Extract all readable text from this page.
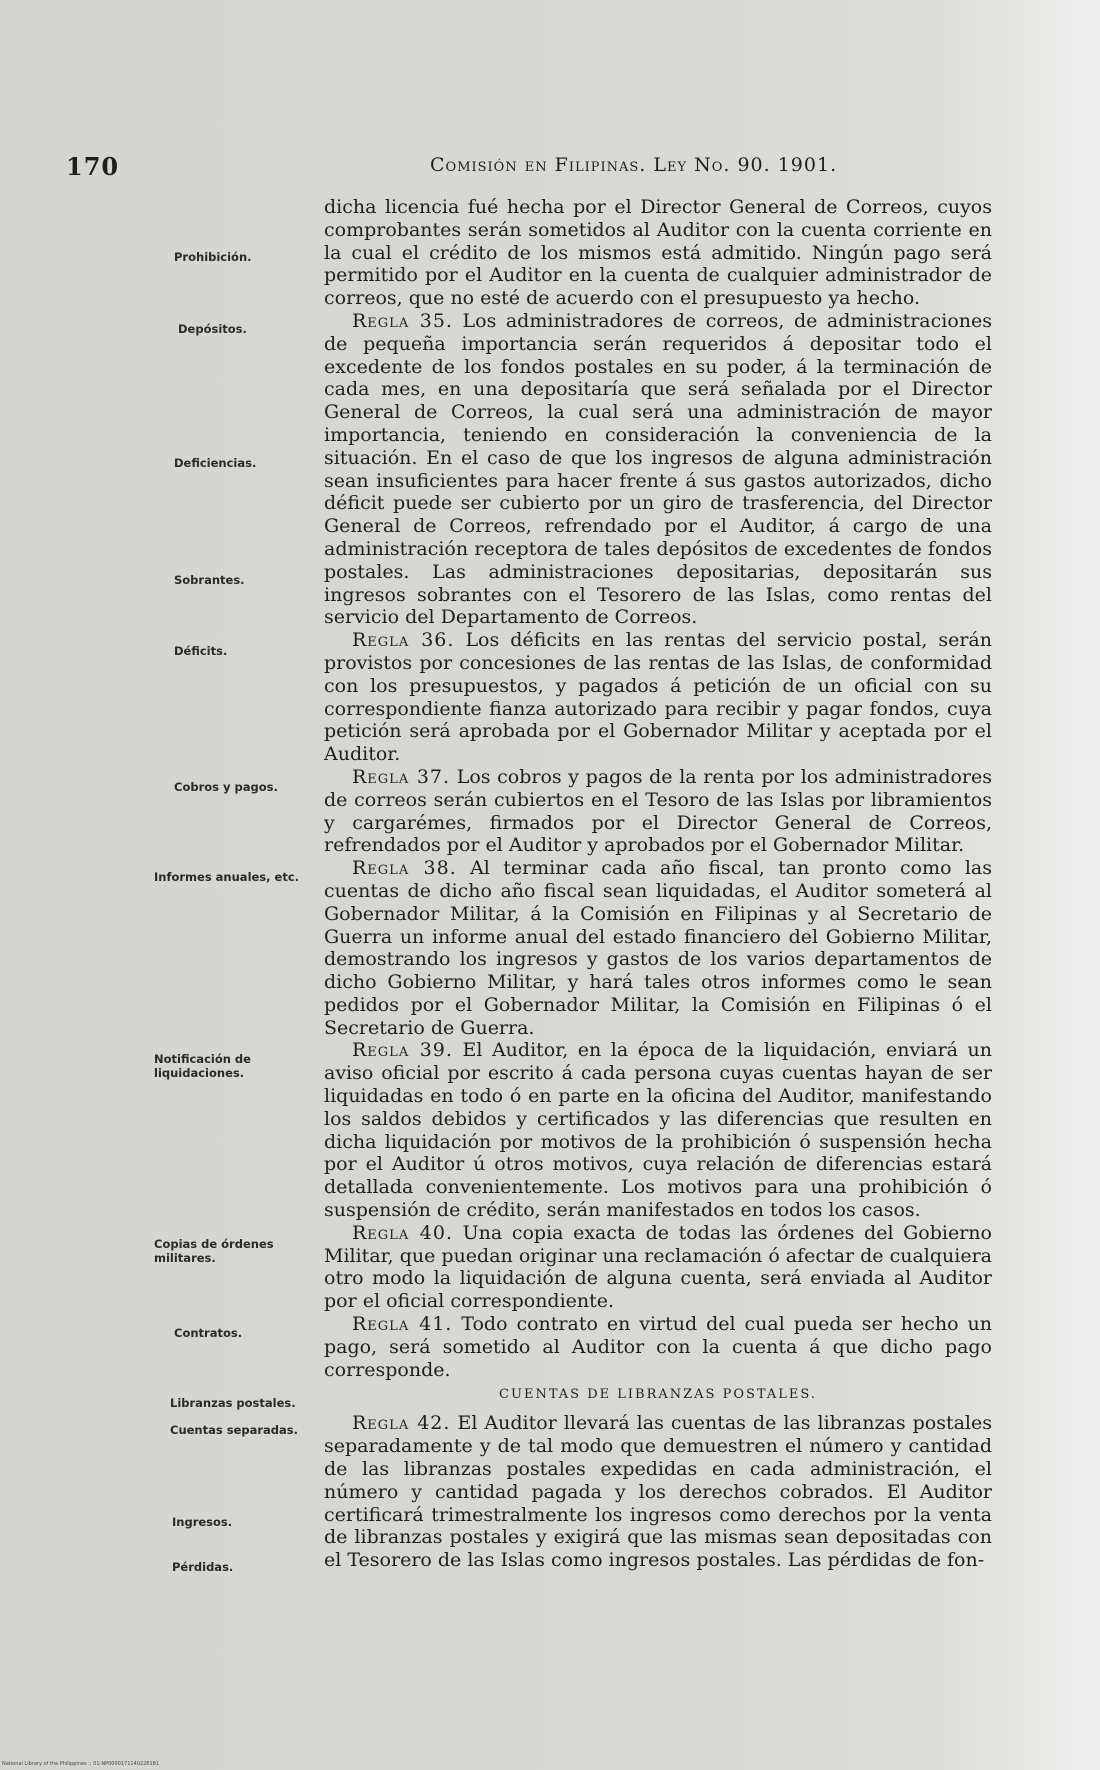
170	Comisión en Filipinas. Ley No. 90. 1901.
Prohibición.
Depósitos.
Deficiencias.
Sobrantes.
Déficits.
Cobros y pagos.
Informes anuales, etc.
Notificación de liquidaciones.
Copias de órdenes militares.
Contratos.
Libranzas postales.
Cuentas separadas.
Ingresos.
Pérdidas.

dicha licencia fué hecha por el Director General de Correos, cuyos comprobantes serán sometidos al Auditor con la cuenta corriente en la cual el crédito de los mismos está admitido. Ningún pago será permitido por el Auditor en la cuenta de cualquier administrador de correos, que no esté de acuerdo con el presupuesto ya hecho.

Regla 35. Los administradores de correos, de administraciones de pequeña importancia serán requeridos á depositar todo el excedente de los fondos postales en su poder, á la terminación de cada mes, en una depositaría que será señalada por el Director General de Correos, la cual será una administración de mayor importancia, teniendo en consideración la conveniencia de la situación. En el caso de que los ingresos de alguna administración sean insuficientes para hacer frente á sus gastos autorizados, dicho déficit puede ser cubierto por un giro de trasferencia, del Director General de Correos, refrendado por el Auditor, á cargo de una administración receptora de tales depósitos de excedentes de fondos postales. Las administraciones depositarias, depositarán sus ingresos sobrantes con el Tesorero de las Islas, como rentas del servicio del Departamento de Correos.

Regla 36. Los déficits en las rentas del servicio postal, serán provistos por concesiones de las rentas de las Islas, de conformidad con los presupuestos, y pagados á petición de un oficial con su correspondiente fianza autorizado para recibir y pagar fondos, cuya petición será aprobada por el Gobernador Militar y aceptada por el Auditor.

Regla 37. Los cobros y pagos de la renta por los administradores de correos serán cubiertos en el Tesoro de las Islas por libramientos y cargarémes, firmados por el Director General de Correos, refrendados por el Auditor y aprobados por el Gobernador Militar.

Regla 38. Al terminar cada año fiscal, tan pronto como las cuentas de dicho año fiscal sean liquidadas, el Auditor someterá al Gobernador Militar, á la Comisión en Filipinas y al Secretario de Guerra un informe anual del estado financiero del Gobierno Militar, demostrando los ingresos y gastos de los varios departamentos de dicho Gobierno Militar, y hará tales otros informes como le sean pedidos por el Gobernador Militar, la Comisión en Filipinas ó el Secretario de Guerra.

Regla 39. El Auditor, en la época de la liquidación, enviará un aviso oficial por escrito á cada persona cuyas cuentas hayan de ser liquidadas en todo ó en parte en la oficina del Auditor, manifestando los saldos debidos y certificados y las diferencias que resulten en dicha liquidación por motivos de la prohibición ó suspensión hecha por el Auditor ú otros motivos, cuya relación de diferencias estará detallada convenientemente. Los motivos para una prohibición ó suspensión de crédito, serán manifestados en todos los casos.

Regla 40. Una copia exacta de todas las órdenes del Gobierno Militar, que puedan originar una reclamación ó afectar de cualquiera otro modo la liquidación de alguna cuenta, será enviada al Auditor por el oficial correspondiente.

Regla 41. Todo contrato en virtud del cual pueda ser hecho un pago, será sometido al Auditor con la cuenta á que dicho pago corresponde.

CUENTAS DE LIBRANZAS POSTALES.

Regla 42. El Auditor llevará las cuentas de las libranzas postales separadamente y de tal modo que demuestren el número y cantidad de las libranzas postales expedidas en cada administración, el número y cantidad pagada y los derechos cobrados. El Auditor certificará trimestralmente los ingresos como derechos por la venta de libranzas postales y exigirá que las mismas sean depositadas con el Tesorero de las Islas como ingresos postales. Las pérdidas de fon-

National Library of the Philippines :: 01-NP0000171140228181
